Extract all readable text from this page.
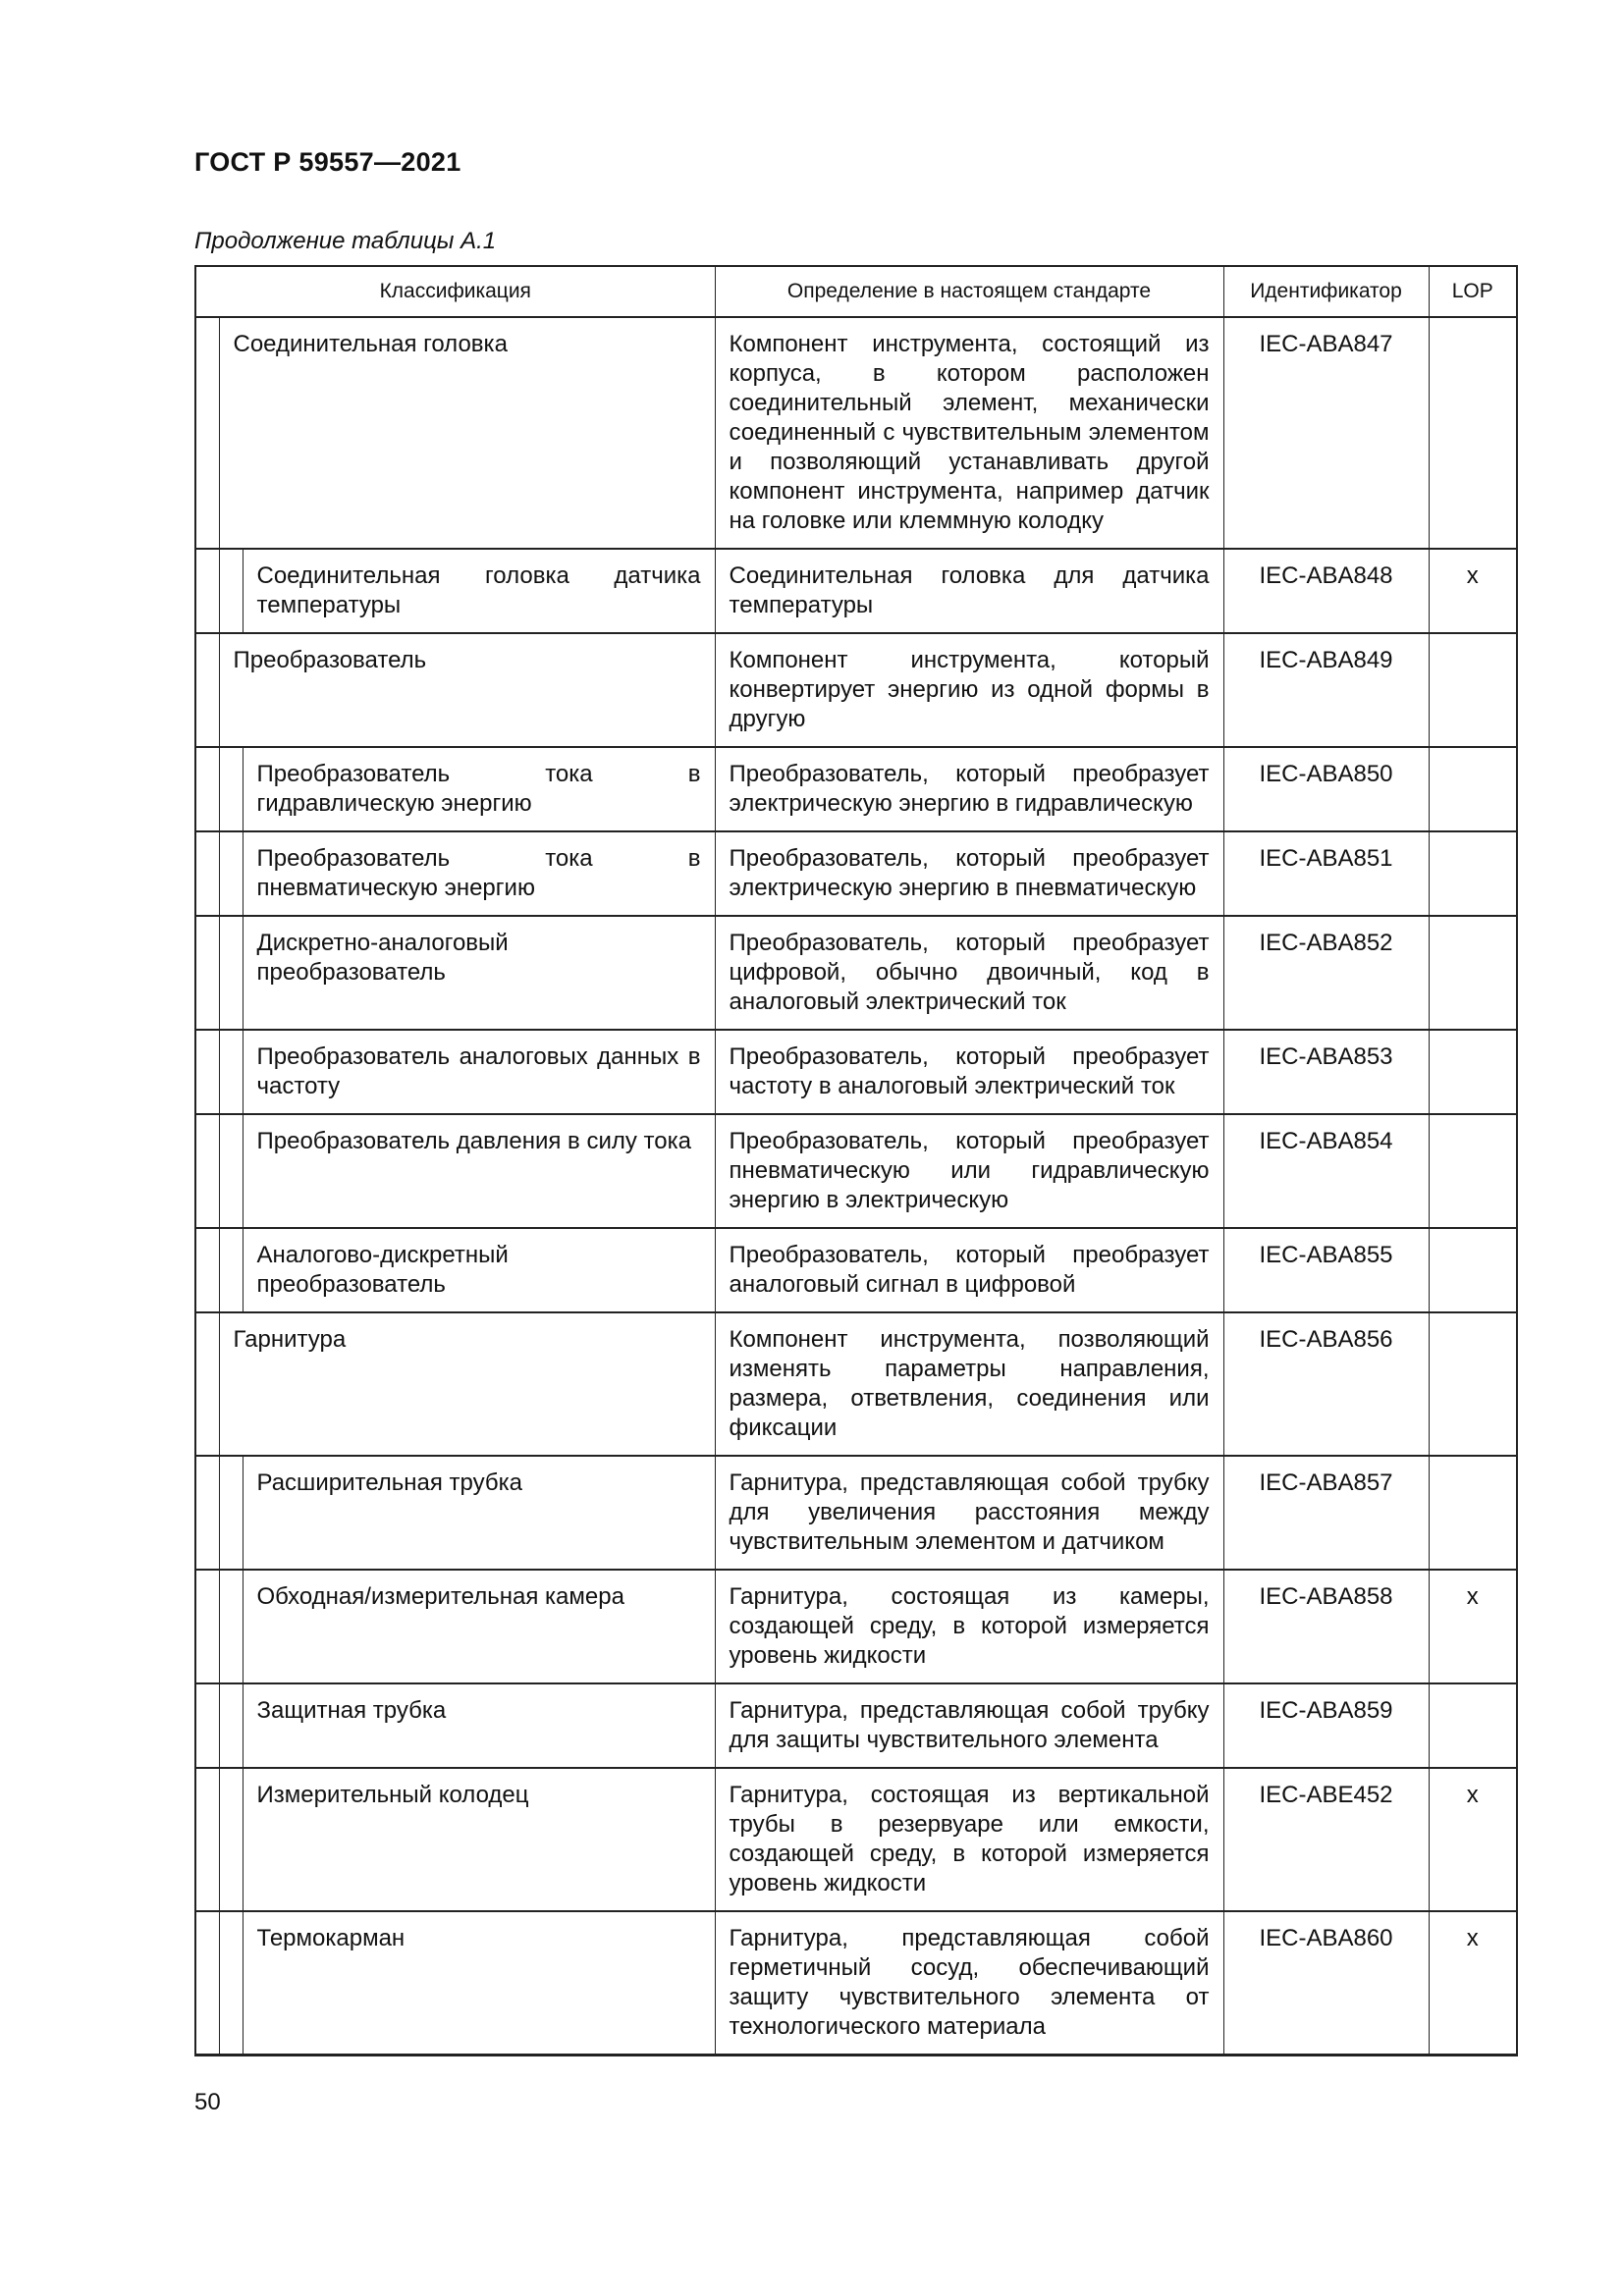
ГОСТ Р 59557—2021
Продолжение таблицы А.1
Классификация			Определение в настоящем стандарте	Идентификатор	LOP
	Соединительная головка		Компонент инструмента, состоящий из корпуса, в котором расположен соединительный элемент, механически соединенный с чувствительным элементом и позволяющий устанавливать другой компонент инструмента, например датчик на головке или клеммную колодку	IEC-ABA847	
		Соединительная головка датчика температуры	Соединительная головка для датчика температуры	IEC-ABA848	x
	Преобразователь		Компонент инструмента, который конвертирует энергию из одной формы в другую	IEC-ABA849	
		Преобразователь тока в гидравлическую энергию	Преобразователь, который преобразует электрическую энергию в гидравлическую	IEC-ABA850	
		Преобразователь тока в пневматическую энергию	Преобразователь, который преобразует электрическую энергию в пневматическую	IEC-ABA851	
		Дискретно-аналоговый преобразователь	Преобразователь, который преобразует цифровой, обычно двоичный, код в аналоговый электрический ток	IEC-ABA852	
		Преобразователь аналоговых данных в частоту	Преобразователь, который преобразует частоту в аналоговый электрический ток	IEC-ABA853	
		Преобразователь давления в силу тока	Преобразователь, который преобразует пневматическую или гидравлическую энергию в электрическую	IEC-ABA854	
		Аналогово-дискретный преобразователь	Преобразователь, который преобразует аналоговый сигнал в цифровой	IEC-ABA855	
	Гарнитура		Компонент инструмента, позволяющий изменять параметры направления, размера, ответвления, соединения или фиксации	IEC-ABA856	
		Расширительная трубка	Гарнитура, представляющая собой трубку для увеличения расстояния между чувствительным элементом и датчиком	IEC-ABA857	
		Обходная/измерительная камера	Гарнитура, состоящая из камеры, создающей среду, в которой измеряется уровень жидкости	IEC-ABA858	x
		Защитная трубка	Гарнитура, представляющая собой трубку для защиты чувствительного элемента	IEC-ABA859	
		Измерительный колодец	Гарнитура, состоящая из вертикальной трубы в резервуаре или емкости, создающей среду, в которой измеряется уровень жидкости	IEC-ABE452	x
		Термокарман	Гарнитура, представляющая собой герметичный сосуд, обеспечивающий защиту чувствительного элемента от технологического материала	IEC-ABA860	x
50
